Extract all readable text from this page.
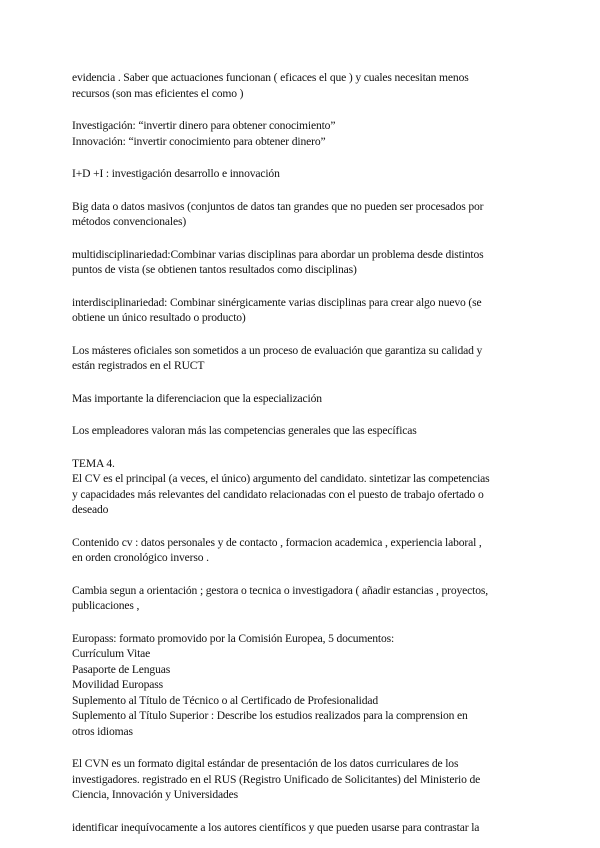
evidencia . Saber que actuaciones funcionan ( eficaces el que ) y cuales necesitan menos
recursos (son mas eficientes el como )
Investigación: “invertir dinero para obtener conocimiento”
Innovación: “invertir conocimiento para obtener dinero”
I+D +I : investigación desarrollo e innovación
Big data o datos masivos (conjuntos de datos tan grandes que no pueden ser procesados por
métodos convencionales)
multidisciplinariedad:Combinar varias disciplinas para abordar un problema desde distintos
puntos de vista (se obtienen tantos resultados como disciplinas)
interdisciplinariedad: Combinar sinérgicamente varias disciplinas para crear algo nuevo (se
obtiene un único resultado o producto)
Los másteres oficiales son sometidos a un proceso de evaluación que garantiza su calidad y
están registrados en el RUCT
Mas importante la diferenciacion que la especialización
Los empleadores valoran más las competencias generales que las específicas
TEMA 4.
El CV es el principal (a veces, el único) argumento del candidato. sintetizar las competencias
y capacidades más relevantes del candidato relacionadas con el puesto de trabajo ofertado o
deseado
Contenido cv : datos personales y de contacto , formacion academica , experiencia laboral ,
en orden cronológico inverso .
Cambia segun a orientación ; gestora o tecnica o investigadora ( añadir estancias , proyectos,
publicaciones ,
Europass: formato promovido por la Comisión Europea, 5 documentos:
Currículum Vitae
Pasaporte de Lenguas
Movilidad Europass
Suplemento al Título de Técnico o al Certificado de Profesionalidad
Suplemento al Título Superior : Describe los estudios realizados para la comprension en
otros idiomas
El CVN es un formato digital estándar de presentación de los datos curriculares de los
investigadores. registrado en el RUS (Registro Unificado de Solicitantes) del Ministerio de
Ciencia, Innovación y Universidades
identificar inequívocamente a los autores científicos y que pueden usarse para contrastar la
